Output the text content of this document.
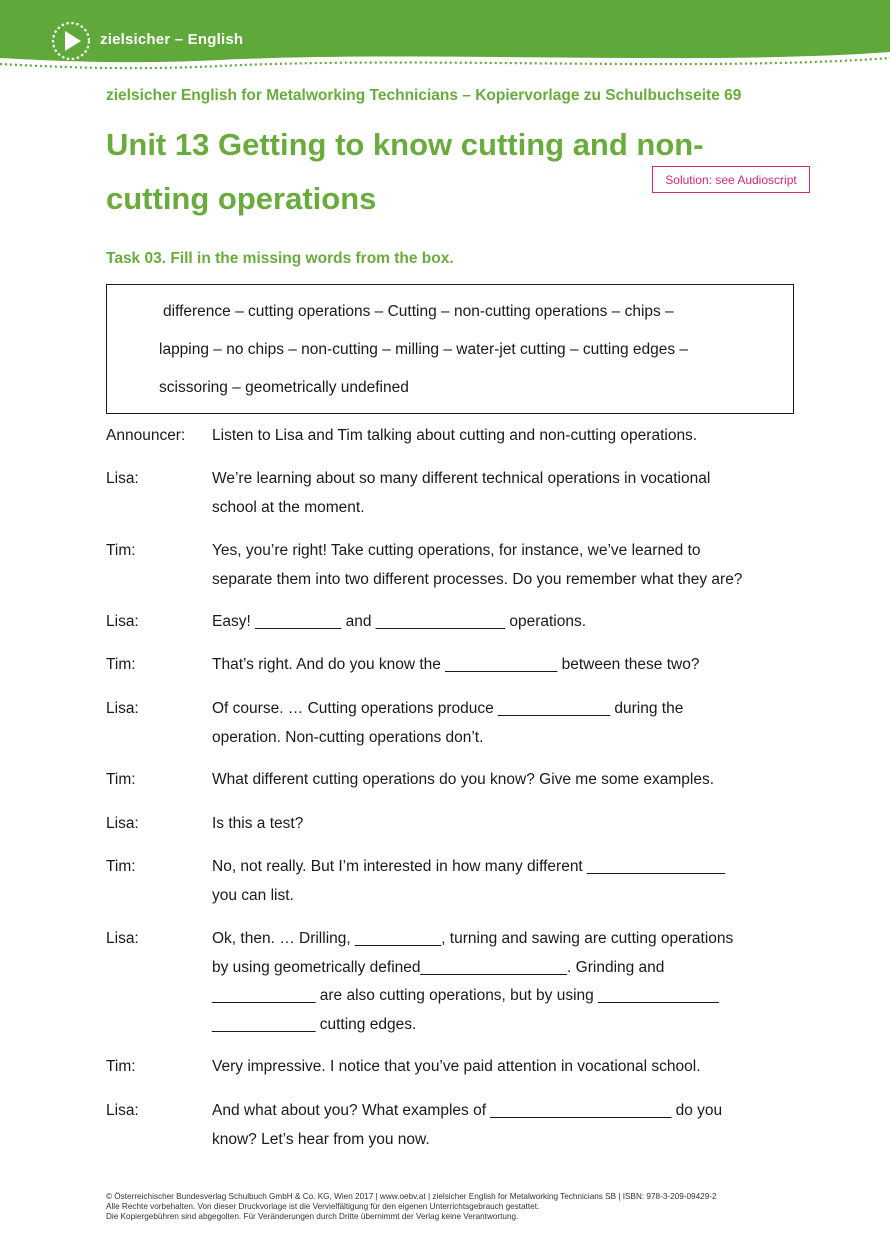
zielsicher – English
zielsicher English for Metalworking Technicians – Kopiervorlage zu Schulbuchseite 69
Unit 13 Getting to know cutting and non-cutting operations
Solution: see Audioscript
Task 03. Fill in the missing words from the box.
difference – cutting operations – Cutting – non-cutting operations – chips –
lapping – no chips – non-cutting – milling – water-jet cutting – cutting edges –
scissoring – geometrically undefined
Announcer: Listen to Lisa and Tim talking about cutting and non-cutting operations.
Lisa:	We’re learning about so many different technical operations in vocational
school at the moment.
Tim:	Yes, you’re right! Take cutting operations, for instance, we’ve learned to
separate them into two different processes. Do you remember what they are?
Lisa:	Easy! __________ and _______________ operations.
Tim:	That’s right. And do you know the _____________ between these two?
Lisa:	Of course. … Cutting operations produce _____________ during the
operation. Non-cutting operations don’t.
Tim:	What different cutting operations do you know? Give me some examples.
Lisa:	Is this a test?
Tim:	No, not really. But I’m interested in how many different ________________
you can list.
Lisa:	Ok, then. … Drilling, __________, turning and sawing are cutting operations
by using geometrically defined_________________. Grinding and
____________ are also cutting operations, but by using ______________
____________ cutting edges.
Tim:	Very impressive. I notice that you’ve paid attention in vocational school.
Lisa:	And what about you? What examples of _____________________ do you
know? Let’s hear from you now.
© Österreichischer Bundesverlag Schulbuch GmbH & Co. KG, Wien 2017 | www.oebv.at | zielsicher English for Metalworking Technicians SB | ISBN: 978-3-209-09429-2
Alle Rechte vorbehalten. Von dieser Druckvorlage ist die Vervielfältigung für den eigenen Unterrichtsgebrauch gestattet.
Die Kopiergebühren sind abgegolten. Für Veränderungen durch Dritte übernimmt der Verlag keine Verantwortung.
